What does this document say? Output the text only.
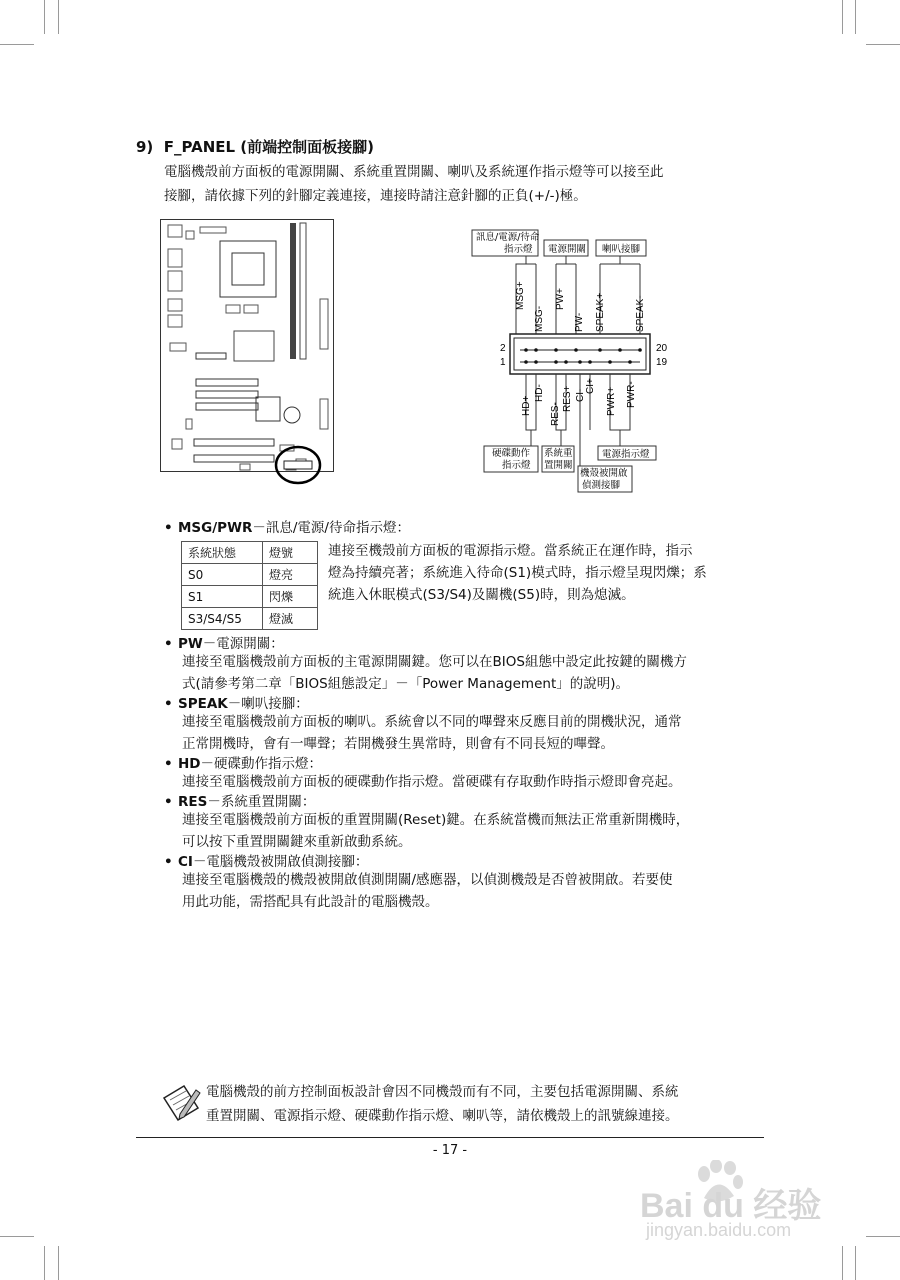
9)  F_PANEL (前端控制面板接腳)
電腦機殼前方面板的電源開關、系統重置開關、喇叭及系統運作指示燈等可以接至此
接腳，請依據下列的針腳定義連接，連接時請注意針腳的正負(+/-)極。
訊息/電源/待命
指示燈 電源開關 喇叭接腳
MSG+
MSG-
PW+
PW- SPEAK+	SPEAK-
2
1
20
19
HD+
HD-
RES-
RES+ CI-
CI+
PWR+ PWR-
硬碟動作
指示燈
系統重
置開關
機殼被開啟
偵測接腳
電源指示燈
• MSG/PWR－訊息/電源/待命指示燈：
系統狀態	燈號
S0	燈亮
S1	閃爍
S3/S4/S5	燈滅
連接至機殼前方面板的電源指示燈。當系統正在運作時，指示
燈為持續亮著；系統進入待命(S1)模式時，指示燈呈現閃爍；系
統進入休眠模式(S3/S4)及關機(S5)時，則為熄滅。
• PW－電源開關：
連接至電腦機殼前方面板的主電源開關鍵。您可以在BIOS組態中設定此按鍵的關機方
式(請參考第二章「BIOS組態設定」－「Power Management」的說明)。
• SPEAK－喇叭接腳：
連接至電腦機殼前方面板的喇叭。系統會以不同的嗶聲來反應目前的開機狀況，通常
正常開機時，會有一嗶聲；若開機發生異常時，則會有不同長短的嗶聲。
• HD－硬碟動作指示燈：
連接至電腦機殼前方面板的硬碟動作指示燈。當硬碟有存取動作時指示燈即會亮起。
• RES－系統重置開關：
連接至電腦機殼前方面板的重置開關(Reset)鍵。在系統當機而無法正常重新開機時，
可以按下重置開關鍵來重新啟動系統。
• CI－電腦機殼被開啟偵測接腳：
連接至電腦機殼的機殼被開啟偵測開關/感應器，以偵測機殼是否曾被開啟。若要使
用此功能，需搭配具有此設計的電腦機殼。
電腦機殼的前方控制面板設計會因不同機殼而有不同，主要包括電源開關、系統
重置開關、電源指示燈、硬碟動作指示燈、喇叭等，請依機殼上的訊號線連接。
- 17 -
Bai du 经验
jingyan.baidu.com
